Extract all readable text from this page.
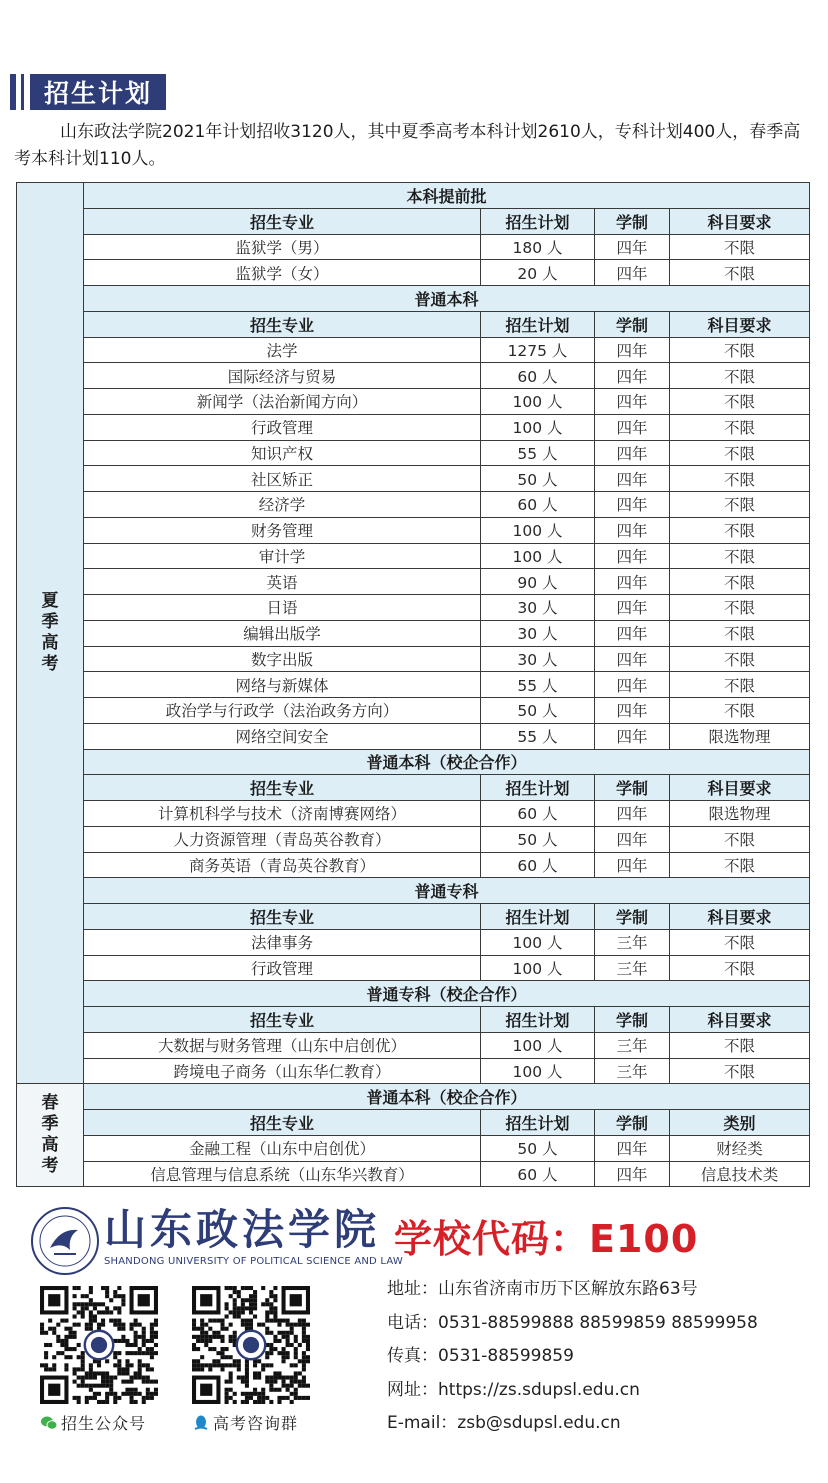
招生计划

山东政法学院2021年计划招收3120人，其中夏季高考本科计划2610人，专科计划400人，春季高考本科计划110人。

夏季高考	本科提前批			
	招生专业	招生计划	学制	科目要求
	监狱学（男）	180 人	四年	不限
	监狱学（女）	20 人	四年	不限
	普通本科			
	招生专业	招生计划	学制	科目要求
	法学	1275 人	四年	不限
	国际经济与贸易	60 人	四年	不限
	新闻学（法治新闻方向）	100 人	四年	不限
	行政管理	100 人	四年	不限
	知识产权	55 人	四年	不限
	社区矫正	50 人	四年	不限
	经济学	60 人	四年	不限
	财务管理	100 人	四年	不限
	审计学	100 人	四年	不限
	英语	90 人	四年	不限
	日语	30 人	四年	不限
	编辑出版学	30 人	四年	不限
	数字出版	30 人	四年	不限
	网络与新媒体	55 人	四年	不限
	政治学与行政学（法治政务方向）	50 人	四年	不限
	网络空间安全	55 人	四年	限选物理
	普通本科（校企合作）			
	招生专业	招生计划	学制	科目要求
	计算机科学与技术（济南博赛网络）	60 人	四年	限选物理
	人力资源管理（青岛英谷教育）	50 人	四年	不限
	商务英语（青岛英谷教育）	60 人	四年	不限
	普通专科			
	招生专业	招生计划	学制	科目要求
	法律事务	100 人	三年	不限
	行政管理	100 人	三年	不限
	普通专科（校企合作）			
	招生专业	招生计划	学制	科目要求
	大数据与财务管理（山东中启创优）	100 人	三年	不限
	跨境电子商务（山东华仁教育）	100 人	三年	不限
春季高考	普通本科（校企合作）			
	招生专业	招生计划	学制	类别
	金融工程（山东中启创优）	50 人	四年	财经类
	信息管理与信息系统（山东华兴教育）	60 人	四年	信息技术类
山东政法学院
SHANDONG UNIVERSITY OF POLITICAL SCIENCE AND LAW
学校代码：E100
招生公众号	高考咨询群
地址：山东省济南市历下区解放东路63号
电话：0531-88599888 88599859 88599958
传真：0531-88599859
网址：https://zs.sdupsl.edu.cn
E-mail：zsb@sdupsl.edu.cn
